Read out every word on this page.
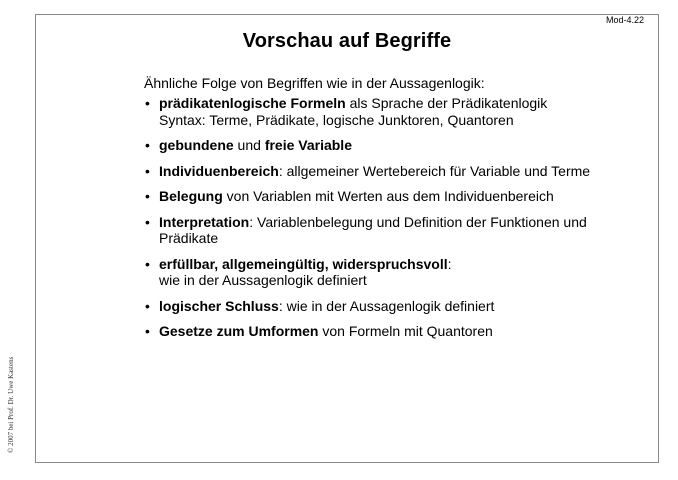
Mod-4.22
Vorschau auf Begriffe
Ähnliche Folge von Begriffen wie in der Aussagenlogik:
• prädikatenlogische Formeln als Sprache der Prädikatenlogik
Syntax: Terme, Prädikate, logische Junktoren, Quantoren
• gebundene und freie Variable
• Individuenbereich: allgemeiner Wertebereich für Variable und Terme
• Belegung von Variablen mit Werten aus dem Individuenbereich
• Interpretation: Variablenbelegung und Definition der Funktionen und
Prädikate
• erfüllbar, allgemeingültig, widerspruchsvoll:
wie in der Aussagenlogik definiert
• logischer Schluss: wie in der Aussagenlogik definiert
• Gesetze zum Umformen von Formeln mit Quantoren
© 2007 bei Prof. Dr. Uwe Kastens
